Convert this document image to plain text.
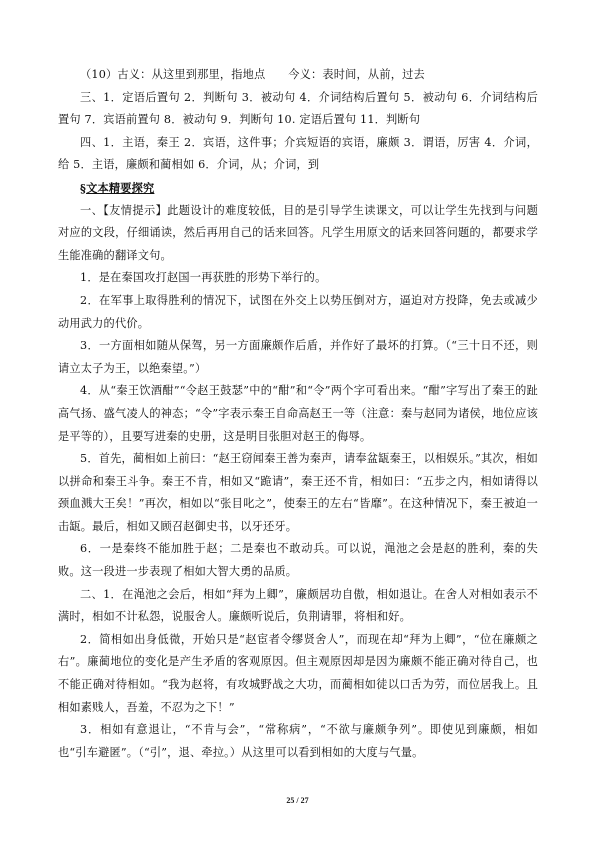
（10）古义：从这里到那里，指地点　　今义：表时间，从前，过去

三、1．定语后置句 2．判断句 3．被动句 4．介词结构后置句 5．被动句 6．介词结构后置句 7．宾语前置句 8．被动句 9．判断句 10. 定语后置句 11．判断句

四、1．主语，秦王 2．宾语，这件事；介宾短语的宾语，廉颇 3．谓语，厉害 4．介词，给 5．主语，廉颇和蔺相如 6．介词，从；介词，到

§文本精要探究

一、【友情提示】此题设计的难度较低，目的是引导学生读课文，可以让学生先找到与问题对应的文段，仔细诵读，然后再用自己的话来回答。凡学生用原文的话来回答问题的，都要求学生能准确的翻译文句。

1．是在秦国攻打赵国一再获胜的形势下举行的。

2．在军事上取得胜利的情况下，试图在外交上以势压倒对方，逼迫对方投降，免去或减少动用武力的代价。

3．一方面相如随从保驾，另一方面廉颇作后盾，并作好了最坏的打算。（“三十日不还，则请立太子为王，以绝秦望。”）

4．从“秦王饮酒酣”“令赵王鼓瑟”中的“酣”和“令”两个字可看出来。“酣”字写出了秦王的趾高气扬、盛气凌人的神态；“令”字表示秦王自命高赵王一等（注意：秦与赵同为诸侯，地位应该是平等的），且要写进秦的史册，这是明目张胆对赵王的侮辱。

5．首先，蔺相如上前曰：“赵王窃闻秦王善为秦声，请奉盆缻秦王，以相娱乐。”其次，相如以拼命和秦王斗争。秦王不肯，相如又“跪请”，秦王还不肯，相如曰：“五步之内，相如请得以颈血溅大王矣！”再次，相如以“张目叱之”，使秦王的左右“皆靡”。在这种情况下，秦王被迫一击缻。最后，相如又顾召赵御史书，以牙还牙。

6．一是秦终不能加胜于赵；二是秦也不敢动兵。可以说，渑池之会是赵的胜利，秦的失败。这一段进一步表现了相如大智大勇的品质。

二、1．在渑池之会后，相如“拜为上卿”，廉颇居功自傲，相如退让。在舍人对相如表示不满时，相如不计私怨，说服舍人。廉颇听说后，负荆请罪，将相和好。

2．简相如出身低微，开始只是“赵宦者令缪贤舍人”，而现在却“拜为上卿”，“位在廉颇之右”。廉蔺地位的变化是产生矛盾的客观原因。但主观原因却是因为廉颇不能正确对待自己，也不能正确对待相如。“我为赵将，有攻城野战之大功，而蔺相如徒以口舌为劳，而位居我上。且相如素贱人，吾羞，不忍为之下！”

3．相如有意退让，“不肯与会”，“常称病”，“不欲与廉颇争列”。即使见到廉颇，相如也“引车避匿”。（“引”，退、牵拉。）从这里可以看到相如的大度与气量。

25 / 27
